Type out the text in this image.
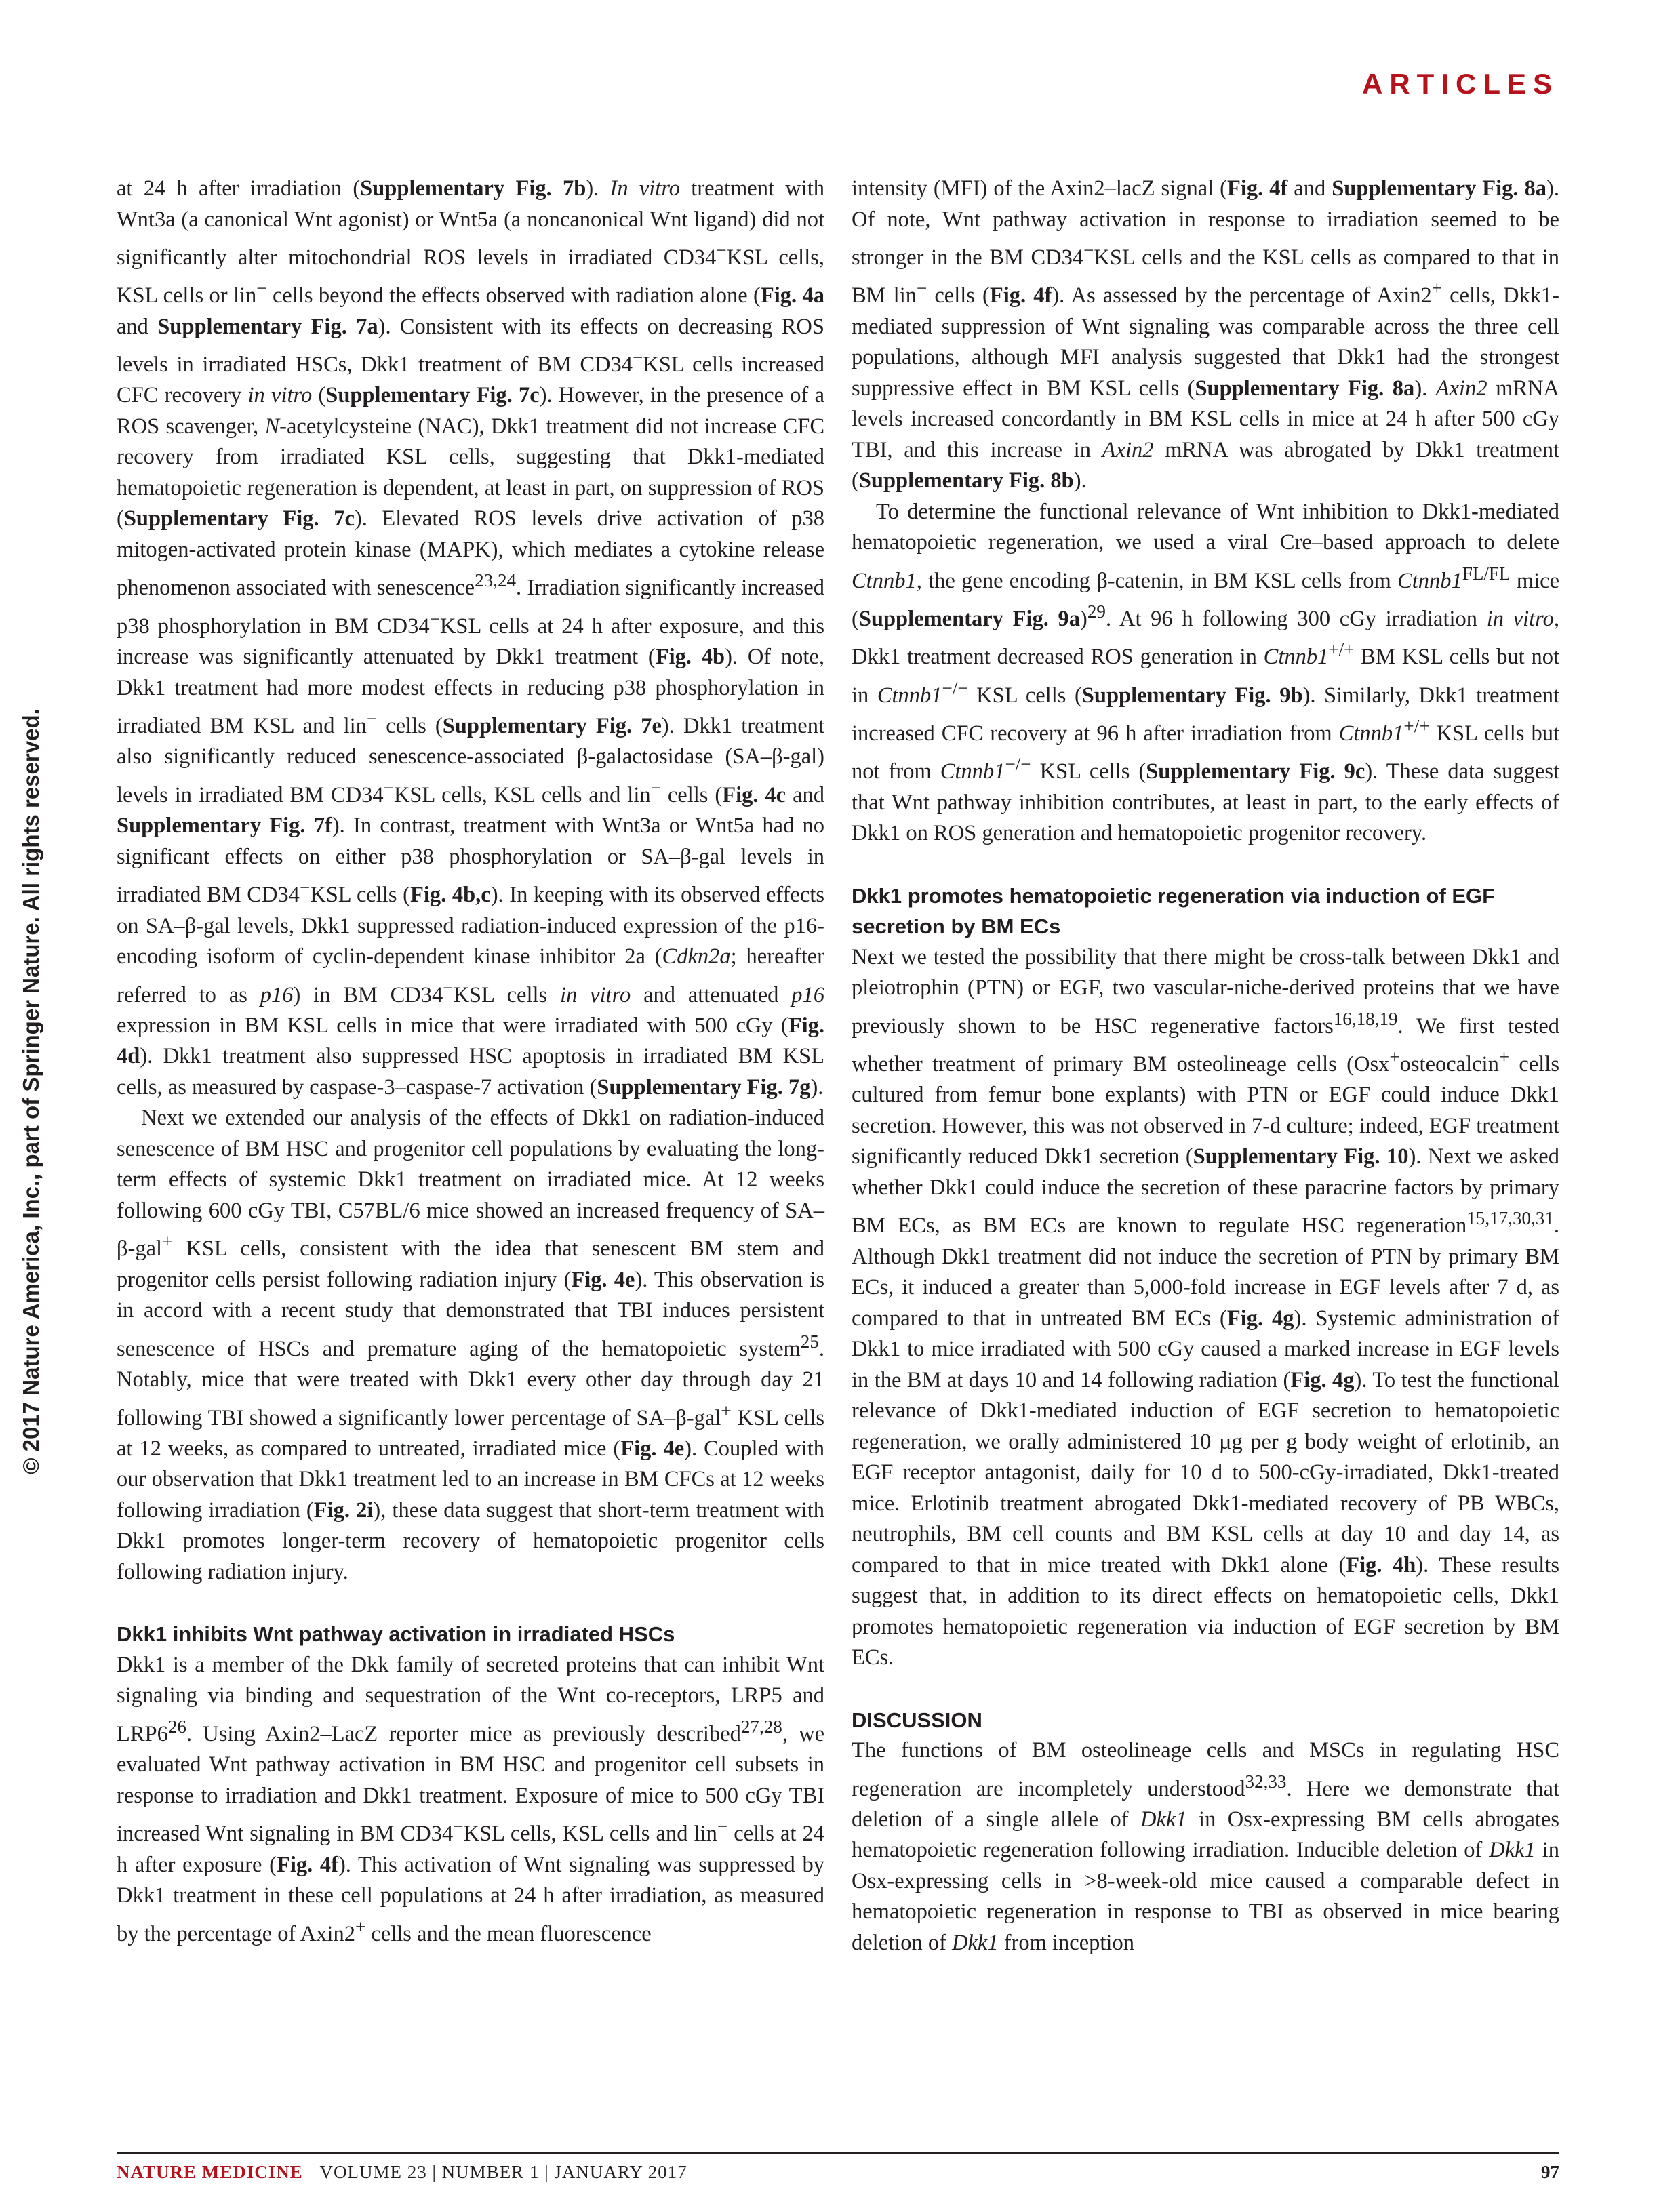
ARTICLES
© 2017 Nature America, Inc., part of Springer Nature. All rights reserved.

at 24 h after irradiation (Supplementary Fig. 7b). In vitro treatment with Wnt3a (a canonical Wnt agonist) or Wnt5a (a noncanonical Wnt ligand) did not significantly alter mitochondrial ROS levels in irradiated CD34−KSL cells, KSL cells or lin− cells beyond the effects observed with radiation alone (Fig. 4a and Supplementary Fig. 7a). Consistent with its effects on decreasing ROS levels in irradiated HSCs, Dkk1 treatment of BM CD34−KSL cells increased CFC recovery in vitro (Supplementary Fig. 7c). However, in the presence of a ROS scavenger, N-acetylcysteine (NAC), Dkk1 treatment did not increase CFC recovery from irradiated KSL cells, suggesting that Dkk1-mediated hematopoietic regeneration is dependent, at least in part, on suppression of ROS (Supplementary Fig. 7c). Elevated ROS levels drive activation of p38 mitogen-activated protein kinase (MAPK), which mediates a cytokine release phenomenon associated with senescence$^{23,24}$. Irradiation significantly increased p38 phosphorylation in BM CD34−KSL cells at 24 h after exposure, and this increase was significantly attenuated by Dkk1 treatment (Fig. 4b). Of note, Dkk1 treatment had more modest effects in reducing p38 phosphorylation in irradiated BM KSL and lin− cells (Supplementary Fig. 7e). Dkk1 treatment also significantly reduced senescence-associated β-galactosidase (SA–β-gal) levels in irradiated BM CD34−KSL cells, KSL cells and lin− cells (Fig. 4c and Supplementary Fig. 7f). In contrast, treatment with Wnt3a or Wnt5a had no significant effects on either p38 phosphorylation or SA–β-gal levels in irradiated BM CD34−KSL cells (Fig. 4b,c). In keeping with its observed effects on SA–β-gal levels, Dkk1 suppressed radiation-induced expression of the p16-encoding isoform of cyclin-dependent kinase inhibitor 2a (Cdkn2a; hereafter referred to as p16) in BM CD34−KSL cells in vitro and attenuated p16 expression in BM KSL cells in mice that were irradiated with 500 cGy (Fig. 4d). Dkk1 treatment also suppressed HSC apoptosis in irradiated BM KSL cells, as measured by caspase-3–caspase-7 activation (Supplementary Fig. 7g).

Next we extended our analysis of the effects of Dkk1 on radiation-induced senescence of BM HSC and progenitor cell populations by evaluating the long-term effects of systemic Dkk1 treatment on irradiated mice. At 12 weeks following 600 cGy TBI, C57BL/6 mice showed an increased frequency of SA–β-gal+ KSL cells, consistent with the idea that senescent BM stem and progenitor cells persist following radiation injury (Fig. 4e). This observation is in accord with a recent study that demonstrated that TBI induces persistent senescence of HSCs and premature aging of the hematopoietic system$^{25}$. Notably, mice that were treated with Dkk1 every other day through day 21 following TBI showed a significantly lower percentage of SA–β-gal+ KSL cells at 12 weeks, as compared to untreated, irradiated mice (Fig. 4e). Coupled with our observation that Dkk1 treatment led to an increase in BM CFCs at 12 weeks following irradiation (Fig. 2i), these data suggest that short-term treatment with Dkk1 promotes longer-term recovery of hematopoietic progenitor cells following radiation injury.

Dkk1 inhibits Wnt pathway activation in irradiated HSCs

Dkk1 is a member of the Dkk family of secreted proteins that can inhibit Wnt signaling via binding and sequestration of the Wnt co-receptors, LRP5 and $LRP6^{26}$. Using Axin2–LacZ reporter mice as previously described$^{27,28}$, we evaluated Wnt pathway activation in BM HSC and progenitor cell subsets in response to irradiation and Dkk1 treatment. Exposure of mice to 500 cGy TBI increased Wnt signaling in BM CD34−KSL cells, KSL cells and lin− cells at 24 h after exposure (Fig. 4f). This activation of Wnt signaling was suppressed by Dkk1 treatment in these cell populations at 24 h after irradiation, as measured by the percentage of Axin2+ cells and the mean fluorescence

intensity (MFI) of the Axin2–lacZ signal (Fig. 4f and Supplementary Fig. 8a). Of note, Wnt pathway activation in response to irradiation seemed to be stronger in the BM CD34−KSL cells and the KSL cells as compared to that in BM lin− cells (Fig. 4f). As assessed by the percentage of Axin2+ cells, Dkk1-mediated suppression of Wnt signaling was comparable across the three cell populations, although MFI analysis suggested that Dkk1 had the strongest suppressive effect in BM KSL cells (Supplementary Fig. 8a). Axin2 mRNA levels increased concordantly in BM KSL cells in mice at 24 h after 500 cGy TBI, and this increase in Axin2 mRNA was abrogated by Dkk1 treatment (Supplementary Fig. 8b).

To determine the functional relevance of Wnt inhibition to Dkk1-mediated hematopoietic regeneration, we used a viral Cre–based approach to delete Ctnnb1, the gene encoding β-catenin, in BM KSL cells from $Ctnnb1^{FL/FL}$ mice (Supplementary Fig. 9a)$^{29}$. At 96 h following 300 cGy irradiation in vitro, Dkk1 treatment decreased ROS generation in Ctnnb1+/+ BM KSL cells but not in Ctnnb1−/− KSL cells (Supplementary Fig. 9b). Similarly, Dkk1 treatment increased CFC recovery at 96 h after irradiation from Ctnnb1+/+ KSL cells but not from Ctnnb1−/− KSL cells (Supplementary Fig. 9c). These data suggest that Wnt pathway inhibition contributes, at least in part, to the early effects of Dkk1 on ROS generation and hematopoietic progenitor recovery.

Dkk1 promotes hematopoietic regeneration via induction of EGF secretion by BM ECs

Next we tested the possibility that there might be cross-talk between Dkk1 and pleiotrophin (PTN) or EGF, two vascular-niche-derived proteins that we have previously shown to be HSC regenerative factors$^{16,18,19}$. We first tested whether treatment of primary BM osteolineage cells (Osx+osteocalcin+ cells cultured from femur bone explants) with PTN or EGF could induce Dkk1 secretion. However, this was not observed in 7-d culture; indeed, EGF treatment significantly reduced Dkk1 secretion (Supplementary Fig. 10). Next we asked whether Dkk1 could induce the secretion of these paracrine factors by primary BM ECs, as BM ECs are known to regulate HSC regeneration$^{15,17,30,31}$. Although Dkk1 treatment did not induce the secretion of PTN by primary BM ECs, it induced a greater than 5,000-fold increase in EGF levels after 7 d, as compared to that in untreated BM ECs (Fig. 4g). Systemic administration of Dkk1 to mice irradiated with 500 cGy caused a marked increase in EGF levels in the BM at days 10 and 14 following radiation (Fig. 4g). To test the functional relevance of Dkk1-mediated induction of EGF secretion to hematopoietic regeneration, we orally administered 10 µg per g body weight of erlotinib, an EGF receptor antagonist, daily for 10 d to 500-cGy-irradiated, Dkk1-treated mice. Erlotinib treatment abrogated Dkk1-mediated recovery of PB WBCs, neutrophils, BM cell counts and BM KSL cells at day 10 and day 14, as compared to that in mice treated with Dkk1 alone (Fig. 4h). These results suggest that, in addition to its direct effects on hematopoietic cells, Dkk1 promotes hematopoietic regeneration via induction of EGF secretion by BM ECs.

DISCUSSION

The functions of BM osteolineage cells and MSCs in regulating HSC regeneration are incompletely understood$^{32,33}$. Here we demonstrate that deletion of a single allele of Dkk1 in Osx-expressing BM cells abrogates hematopoietic regeneration following irradiation. Inducible deletion of Dkk1 in Osx-expressing cells in >8-week-old mice caused a comparable defect in hematopoietic regeneration in response to TBI as observed in mice bearing deletion of Dkk1 from inception

NATURE MEDICINE VOLUME 23 | NUMBER 1 | JANUARY 2017	97
